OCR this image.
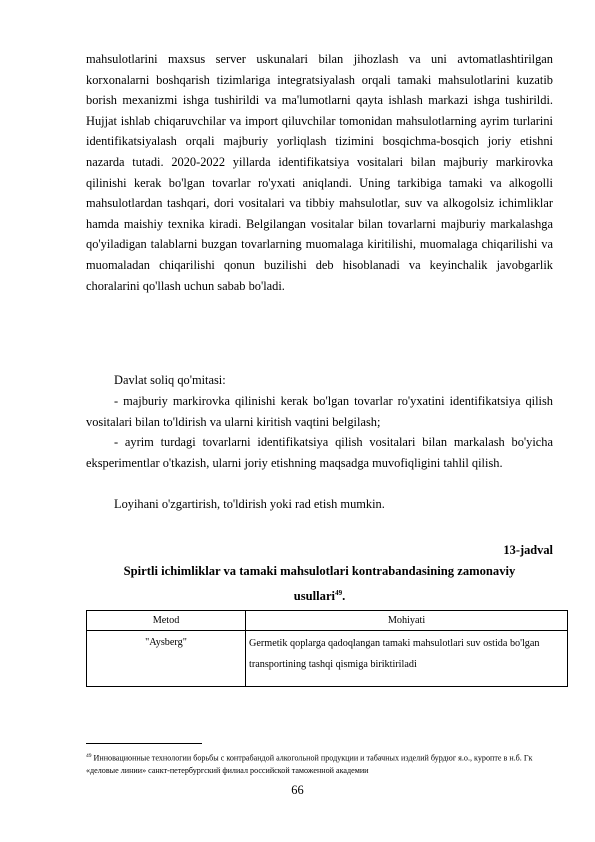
mahsulotlarini maxsus server uskunalari bilan jihozlash va uni avtomatlashtirilgan korxonalarni boshqarish tizimlariga integratsiyalash orqali tamaki mahsulotlarini kuzatib borish mexanizmi ishga tushirildi va ma'lumotlarni qayta ishlash markazi ishga tushirildi. Hujjat ishlab chiqaruvchilar va import qiluvchilar tomonidan mahsulotlarning ayrim turlarini identifikatsiyalash orqali majburiy yorliqlash tizimini bosqichma-bosqich joriy etishni nazarda tutadi. 2020-2022 yillarda identifikatsiya vositalari bilan majburiy markirovka qilinishi kerak bo'lgan tovarlar ro'yxati aniqlandi. Uning tarkibiga tamaki va alkogolli mahsulotlardan tashqari, dori vositalari va tibbiy mahsulotlar, suv va alkogolsiz ichimliklar hamda maishiy texnika kiradi. Belgilangan vositalar bilan tovarlarni majburiy markalashga qo'yiladigan talablarni buzgan tovarlarning muomalaga kiritilishi, muomalaga chiqarilishi va muomaladan chiqarilishi qonun buzilishi deb hisoblanadi va keyinchalik javobgarlik choralarini qo'llash uchun sabab bo'ladi.

Davlat soliq qo'mitasi:

- majburiy markirovka qilinishi kerak bo'lgan tovarlar ro'yxatini identifikatsiya qilish vositalari bilan to'ldirish va ularni kiritish vaqtini belgilash;

- ayrim turdagi tovarlarni identifikatsiya qilish vositalari bilan markalash bo'yicha eksperimentlar o'tkazish, ularni joriy etishning maqsadga muvofiqligini tahlil qilish.

Loyihani o'zgartirish, to'ldirish yoki rad etish mumkin.

13-jadval
Spirtli ichimliklar va tamaki mahsulotlari kontrabandasining zamonaviy
usullari$^{49}$.
Metod	Mohiyati
"Aysberg"	Germetik qoplarga qadoqlangan tamaki mahsulotlari suv ostida bo'lgan transportining tashqi qismiga biriktiriladi
$^{49}$ Инновационные технологии борьбы с контрабандой алкогольной продукции и табачных изделий бурдюг я.о., куропте в н.б. Гк «деловые линии» санкт-петербургский филиал российской таможенной академии
66
